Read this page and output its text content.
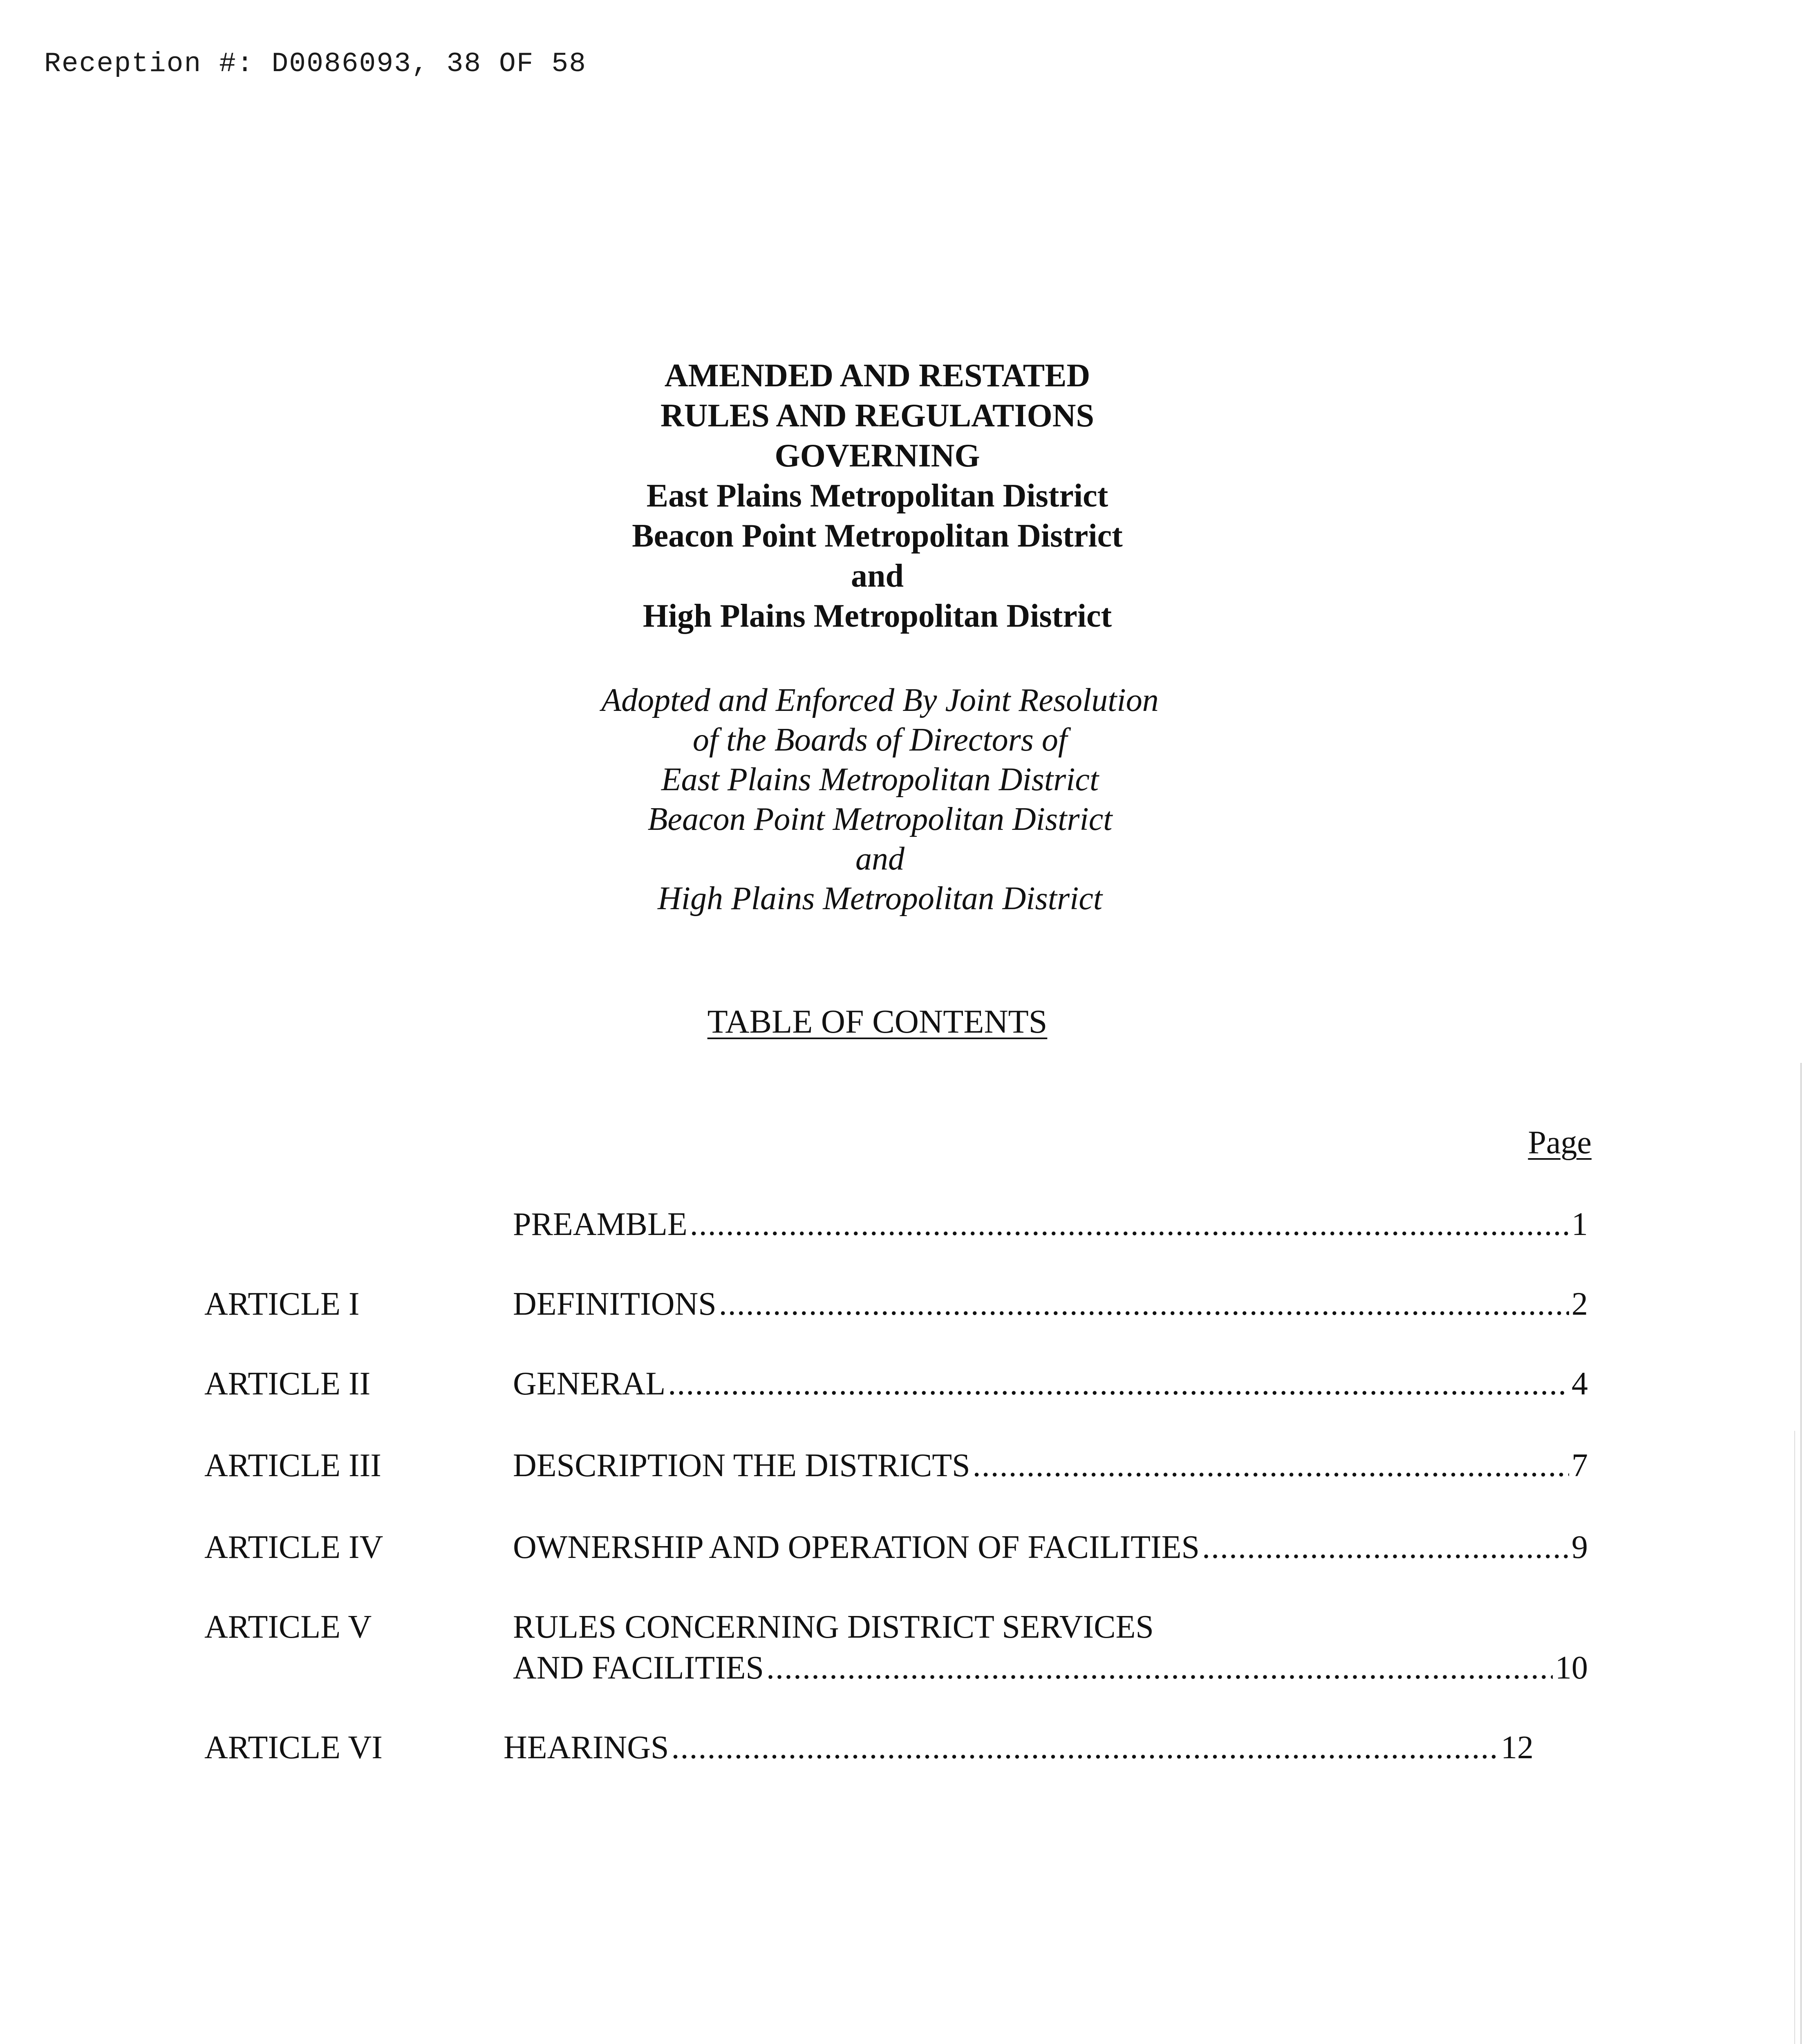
Reception #: D0086093, 38 OF 58
AMENDED AND RESTATED
RULES AND REGULATIONS
GOVERNING
East Plains Metropolitan District
Beacon Point Metropolitan District
and
High Plains Metropolitan District
Adopted and Enforced By Joint Resolution
of the Boards of Directors of
East Plains Metropolitan District
Beacon Point Metropolitan District
and
High Plains Metropolitan District
TABLE OF CONTENTS
Page
PREAMBLE .....	1
ARTICLE I	DEFINITIONS .....	2
ARTICLE II	GENERAL .....	4
ARTICLE III	DESCRIPTION THE DISTRICTS .....	7
ARTICLE IV	OWNERSHIP AND OPERATION OF FACILITIES .....	9
ARTICLE V	RULES CONCERNING DISTRICT SERVICES
AND FACILITIES .....	10
ARTICLE VI	HEARINGS .....	12
